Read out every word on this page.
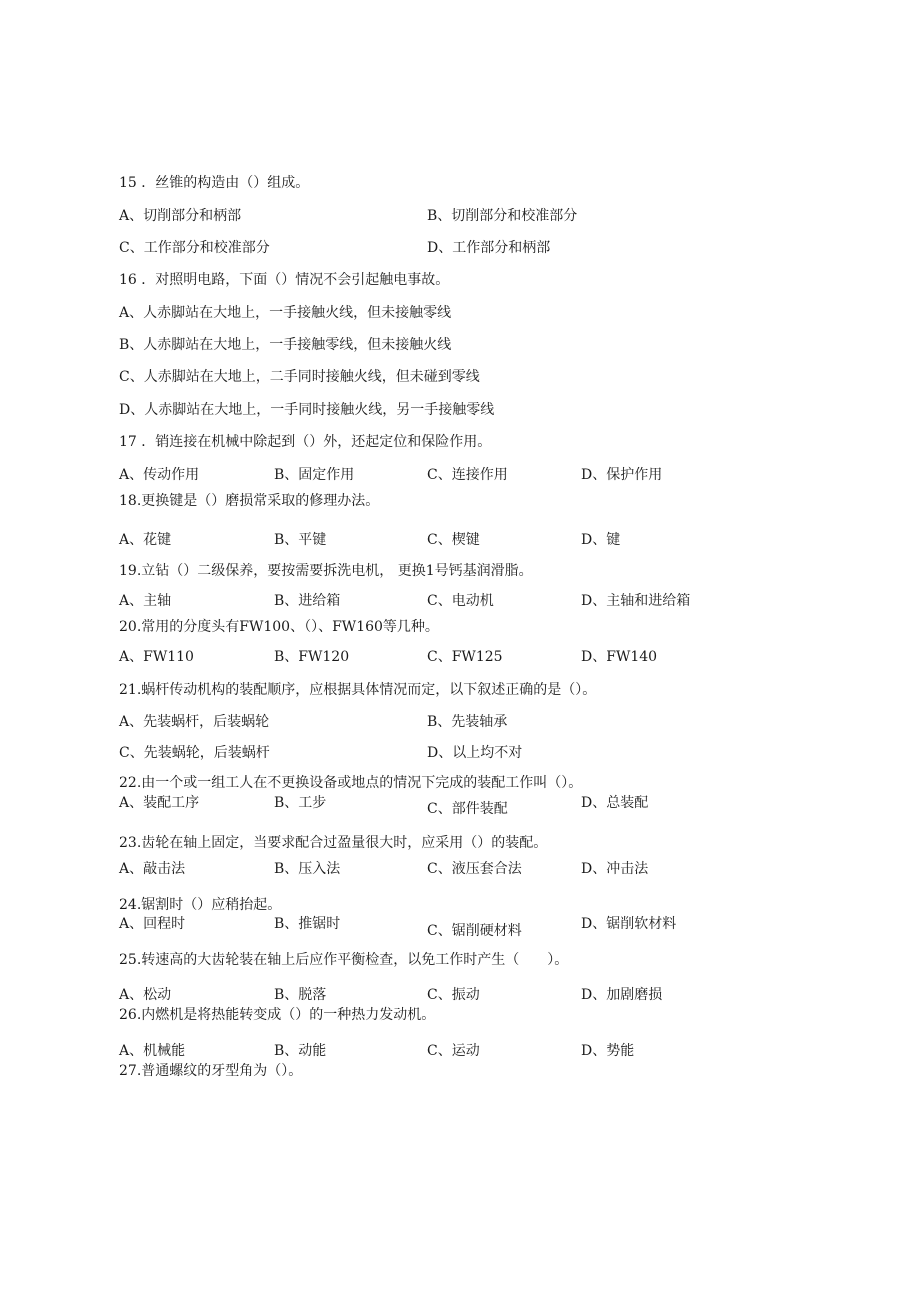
15 ．丝锥的构造由（）组成。
A、切削部分和柄部	B、切削部分和校准部分
C、工作部分和校准部分	D、工作部分和柄部
16 ．对照明电路，下面（）情况不会引起触电事故。
A、人赤脚站在大地上，一手接触火线，但未接触零线
B、人赤脚站在大地上，一手接触零线，但未接触火线
C、人赤脚站在大地上，二手同时接触火线，但未碰到零线
D、人赤脚站在大地上，一手同时接触火线，另一手接触零线
17 ．销连接在机械中除起到（）外，还起定位和保险作用。
A、传动作用	B、固定作用	C、连接作用	D、保护作用
18.更换键是（）磨损常采取的修理办法。
A、花键	B、平键	C、楔键	D、键
19.立钻（）二级保养，要按需要拆洗电机， 更换1号钙基润滑脂。
A、主轴	B、进给箱	C、电动机	D、主轴和进给箱
20.常用的分度头有FW100、（）、FW160等几种。
A、FW110	B、FW120	C、FW125	D、FW140
21.蜗杆传动机构的装配顺序，应根据具体情况而定，以下叙述正确的是（）。
A、先装蜗杆，后装蜗轮	B、先装轴承
C、先装蜗轮，后装蜗杆	D、以上均不对
22.由一个或一组工人在不更换设备或地点的情况下完成的装配工作叫（）。
A、装配工序	B、工步	C、部件装配	D、总装配
23.齿轮在轴上固定，当要求配合过盈量很大时，应采用（）的装配。
A、敲击法	B、压入法	C、液压套合法	D、冲击法
24.锯割时（）应稍抬起。
A、回程时	B、推锯时	C、锯削硬材料	D、锯削软材料
25.转速高的大齿轮装在轴上后应作平衡检查，以免工作时产生（　　）。
A、松动	B、脱落	C、振动	D、加剧磨损
26.内燃机是将热能转变成（）的一种热力发动机。
A、机械能	B、动能	C、运动	D、势能
27.普通螺纹的牙型角为（）。
